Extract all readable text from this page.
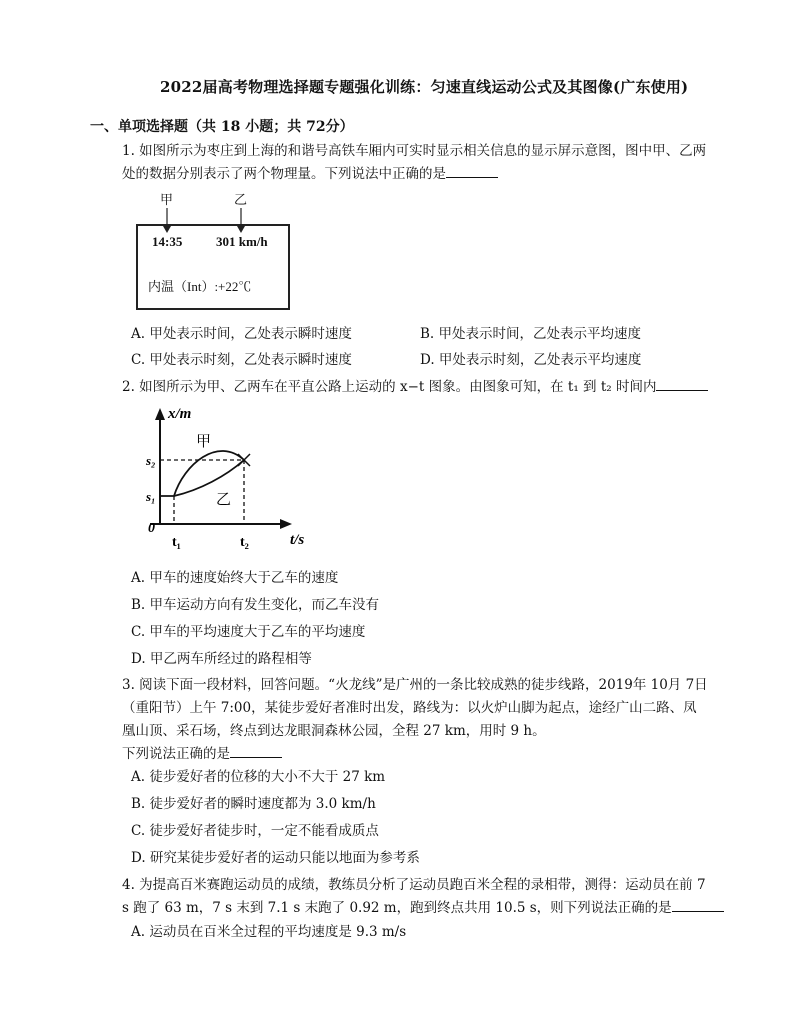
2022届高考物理选择题专题强化训练：匀速直线运动公式及其图像(广东使用)
一、单项选择题（共 18 小题；共 72分）
1. 如图所示为枣庄到上海的和谐号高铁车厢内可实时显示相关信息的显示屏示意图，图中甲、乙两
处的数据分别表示了两个物理量。下列说法中正确的是
甲	乙
14:35	301 km/h
内温（Int）:+22℃
A. 甲处表示时间，乙处表示瞬时速度	B. 甲处表示时间，乙处表示平均速度
C. 甲处表示时刻，乙处表示瞬时速度	D. 甲处表示时刻，乙处表示平均速度
2. 如图所示为甲、乙两车在平直公路上运动的 x−t 图象。由图象可知，在 t₁ 到 t₂ 时间内
x/m
t/s
0
s₂
s₁
t₁	t₂
甲
乙
A. 甲车的速度始终大于乙车的速度
B. 甲车运动方向有发生变化，而乙车没有
C. 甲车的平均速度大于乙车的平均速度
D. 甲乙两车所经过的路程相等
3. 阅读下面一段材料，回答问题。“火龙线”是广州的一条比较成熟的徒步线路，2019年 10月 7日
（重阳节）上午 7:00，某徒步爱好者准时出发，路线为：以火炉山脚为起点，途经广山二路、凤
凰山顶、采石场，终点到达龙眼洞森林公园，全程 27 km，用时 9 h。
下列说法正确的是
A. 徒步爱好者的位移的大小不大于 27 km
B. 徒步爱好者的瞬时速度都为 3.0 km/h
C. 徒步爱好者徒步时，一定不能看成质点
D. 研究某徒步爱好者的运动只能以地面为参考系
4. 为提高百米赛跑运动员的成绩，教练员分析了运动员跑百米全程的录相带，测得：运动员在前 7
s 跑了 63 m，7 s 末到 7.1 s 末跑了 0.92 m，跑到终点共用 10.5 s，则下列说法正确的是
A. 运动员在百米全过程的平均速度是 9.3 m/s
